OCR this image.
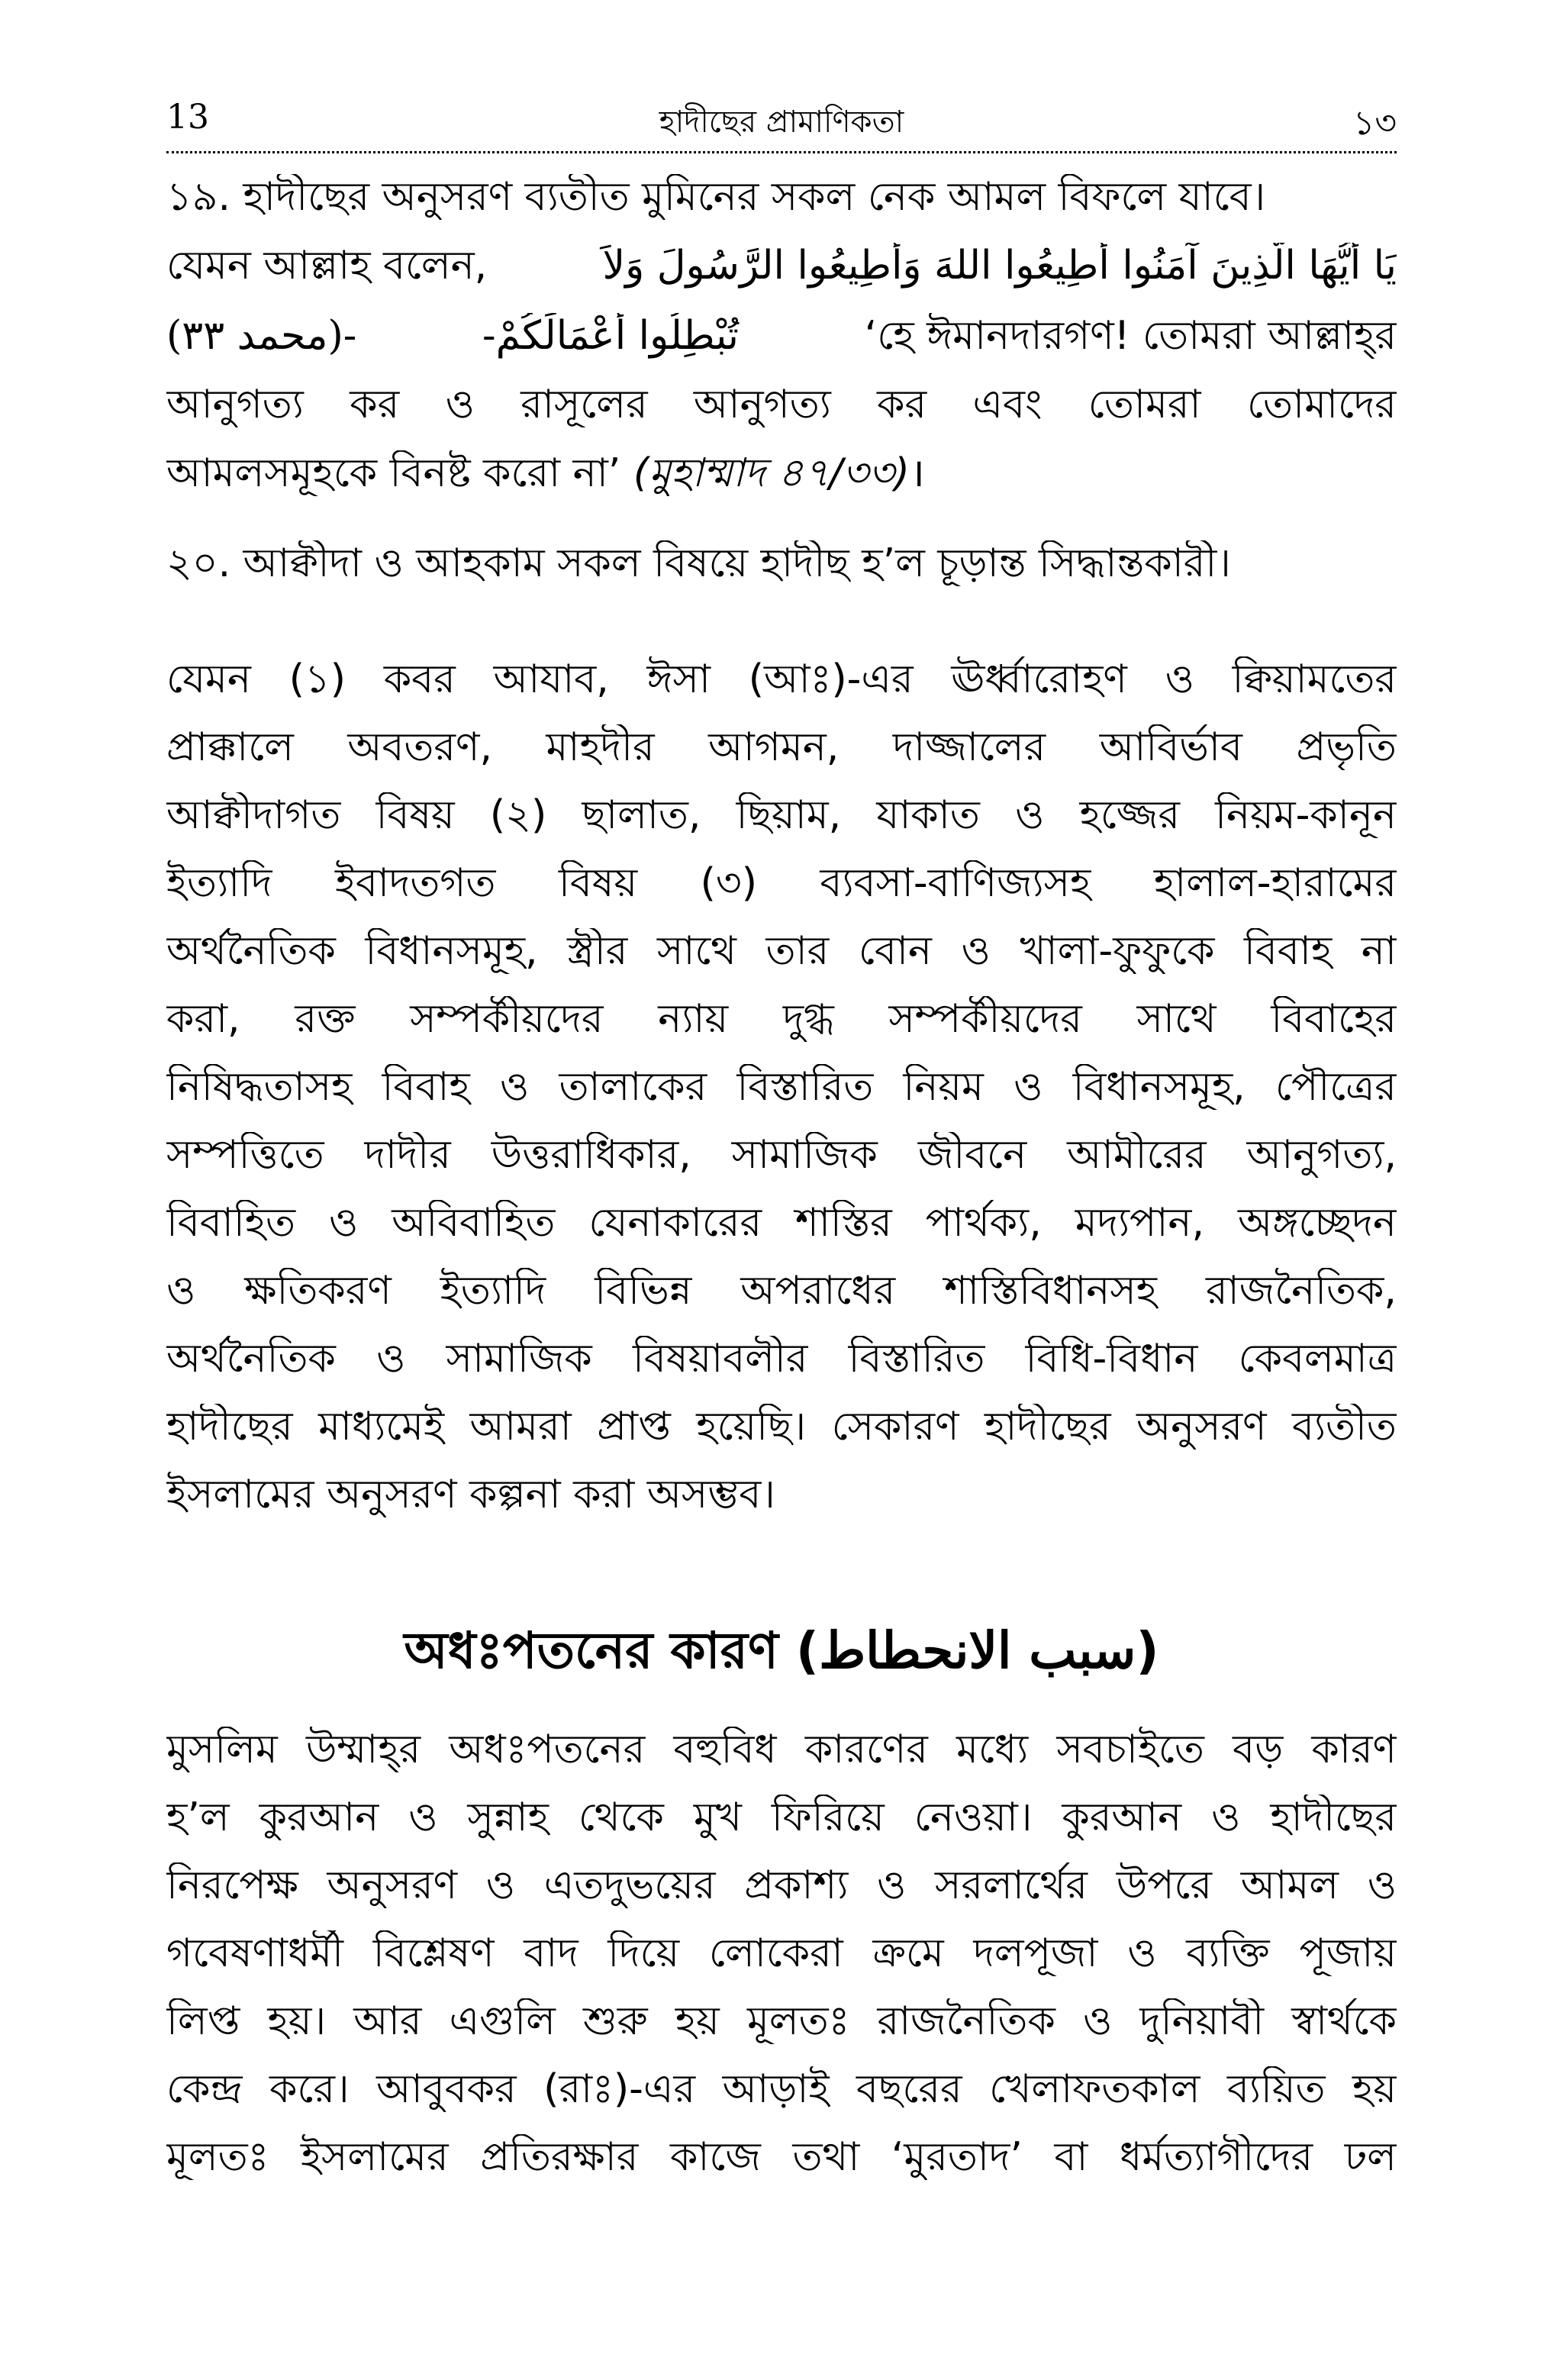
13	হাদীছের প্রামাণিকতা	১৩
১৯. হাদীছের অনুসরণ ব্যতীত মুমিনের সকল নেক আমল বিফলে যাবে।
যেমন আল্লাহ বলেন,	يَا أَيُّهَا الَّذِينَ آمَنُوا أَطِيعُوا اللهَ وَأَطِيعُوا الرَّسُولَ وَلاَ
-(محمد ٣٣)	تُبْطِلُوا أَعْمَالَكُمْ-	‘হে ঈমানদারগণ! তোমরা আল্লাহ্‌র
আনুগত্য কর ও রাসূলের আনুগত্য কর এবং তোমরা তোমাদের
আমলসমূহকে বিনষ্ট করো না’ (মুহাম্মাদ ৪৭/৩৩)।
২০. আক্বীদা ও আহকাম সকল বিষয়ে হাদীছ হ’ল চূড়ান্ত সিদ্ধান্তকারী।
যেমন (১) কবর আযাব, ঈসা (আঃ)-এর ঊর্ধ্বারোহণ ও ক্বিয়ামতের
প্রাক্কালে অবতরণ, মাহদীর আগমন, দাজ্জালের আবির্ভাব প্রভৃতি
আক্বীদাগত বিষয় (২) ছালাত, ছিয়াম, যাকাত ও হজ্জের নিয়ম-কানূন
ইত্যাদি ইবাদতগত বিষয় (৩) ব্যবসা-বাণিজ্যসহ হালাল-হারামের
অর্থনৈতিক বিধানসমূহ, স্ত্রীর সাথে তার বোন ও খালা-ফুফুকে বিবাহ না
করা, রক্ত সম্পর্কীয়দের ন্যায় দুগ্ধ সম্পর্কীয়দের সাথে বিবাহের
নিষিদ্ধতাসহ বিবাহ ও তালাকের বিস্তারিত নিয়ম ও বিধানসমূহ, পৌত্রের
সম্পত্তিতে দাদীর উত্তরাধিকার, সামাজিক জীবনে আমীরের আনুগত্য,
বিবাহিত ও অবিবাহিত যেনাকারের শাস্তির পার্থক্য, মদ্যপান, অঙ্গচ্ছেদন
ও ক্ষতিকরণ ইত্যাদি বিভিন্ন অপরাধের শাস্তিবিধানসহ রাজনৈতিক,
অর্থনৈতিক ও সামাজিক বিষয়াবলীর বিস্তারিত বিধি-বিধান কেবলমাত্র
হাদীছের মাধ্যমেই আমরা প্রাপ্ত হয়েছি। সেকারণ হাদীছের অনুসরণ ব্যতীত
ইসলামের অনুসরণ কল্পনা করা অসম্ভব।
অধঃপতনের কারণ (سبب الانحطاط)
মুসলিম উম্মাহ্‌র অধঃপতনের বহুবিধ কারণের মধ্যে সবচাইতে বড় কারণ
হ’ল কুরআন ও সুন্নাহ থেকে মুখ ফিরিয়ে নেওয়া। কুরআন ও হাদীছের
নিরপেক্ষ অনুসরণ ও এতদুভয়ের প্রকাশ্য ও সরলার্থের উপরে আমল ও
গবেষণাধর্মী বিশ্লেষণ বাদ দিয়ে লোকেরা ক্রমে দলপূজা ও ব্যক্তি পূজায়
লিপ্ত হয়। আর এগুলি শুরু হয় মূলতঃ রাজনৈতিক ও দুনিয়াবী স্বার্থকে
কেন্দ্র করে। আবুবকর (রাঃ)-এর আড়াই বছরের খেলাফতকাল ব্যয়িত হয়
মূলতঃ ইসলামের প্রতিরক্ষার কাজে তথা ‘মুরতাদ’ বা ধর্মত্যাগীদের ঢল
